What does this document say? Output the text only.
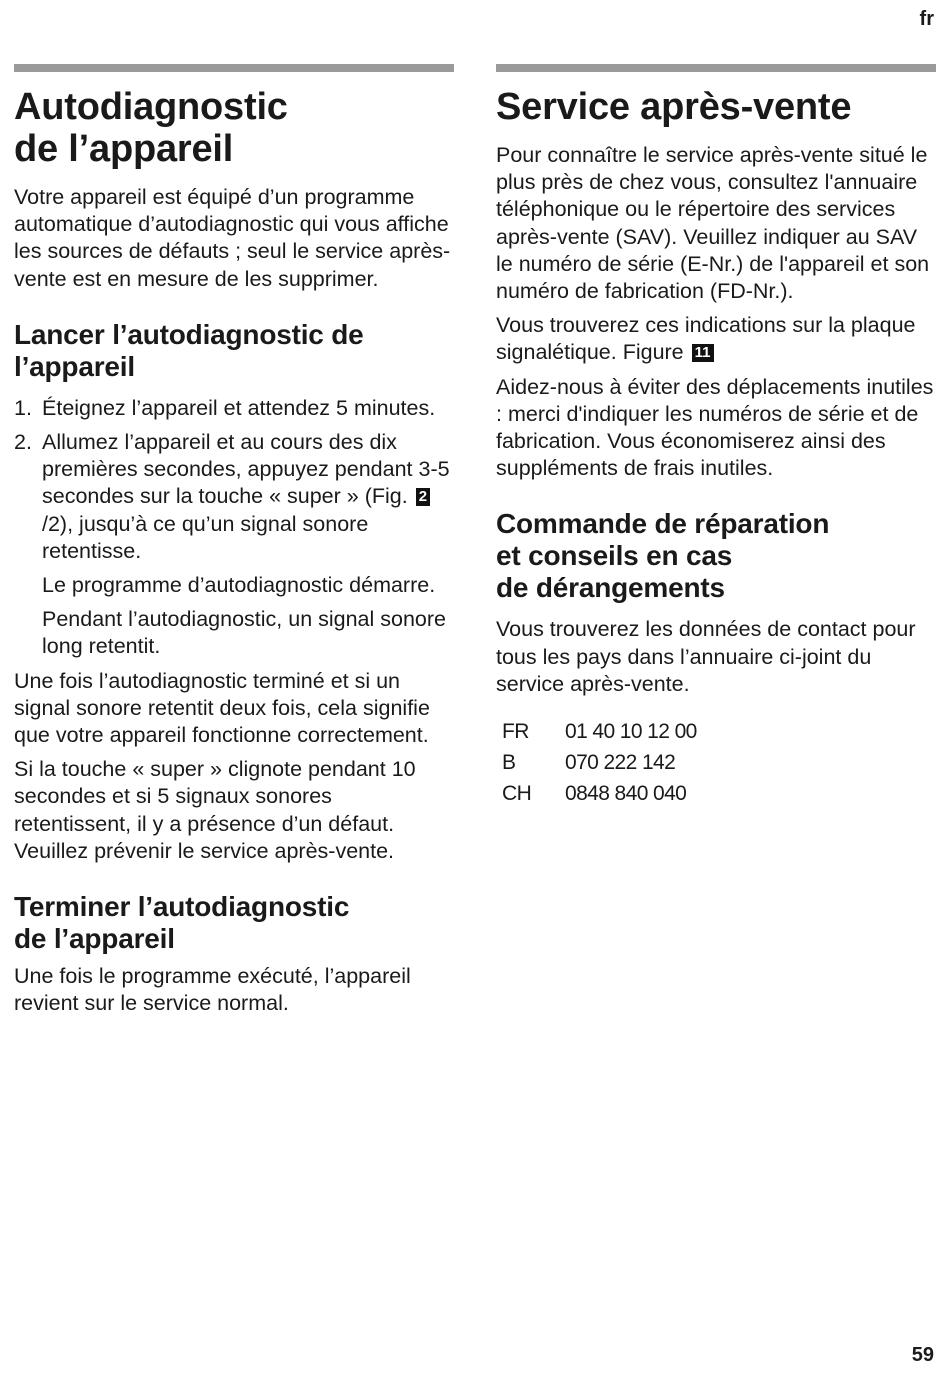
fr
Autodiagnostic
de l’appareil

Votre appareil est équipé d’un programme automatique d’autodiagnostic qui vous affiche les sources de défauts ; seul le service après-vente est en mesure de les supprimer.

Lancer l’autodiagnostic de l’appareil
1. Éteignez l’appareil et attendez 5 minutes.
2. Allumez l’appareil et au cours des dix premières secondes, appuyez pendant 3-5 secondes sur la touche « super » (Fig. 2/2), jusqu’à ce qu’un signal sonore retentisse.

Le programme d’autodiagnostic démarre.

Pendant l’autodiagnostic, un signal sonore long retentit.

Une fois l’autodiagnostic terminé et si un signal sonore retentit deux fois, cela signifie que votre appareil fonctionne correctement.

Si la touche « super » clignote pendant 10 secondes et si 5 signaux sonores retentissent, il y a présence d’un défaut. Veuillez prévenir le service après-vente.

Terminer l’autodiagnostic
de l’appareil

Une fois le programme exécuté, l’appareil revient sur le service normal.

Service après-vente

Pour connaître le service après-vente situé le plus près de chez vous, consultez l'annuaire téléphonique ou le répertoire des services après-vente (SAV). Veuillez indiquer au SAV le numéro de série (E-Nr.) de l'appareil et son numéro de fabrication (FD-Nr.).

Vous trouverez ces indications sur la plaque signalétique. Figure 11

Aidez-nous à éviter des déplacements inutiles : merci d'indiquer les numéros de série et de fabrication. Vous économiserez ainsi des suppléments de frais inutiles.

Commande de réparation
et conseils en cas
de dérangements

Vous trouverez les données de contact pour tous les pays dans l’annuaire ci-joint du service après-vente.

FR	01 40 10 12 00
B	070 222 142
CH	0848 840 040
59
